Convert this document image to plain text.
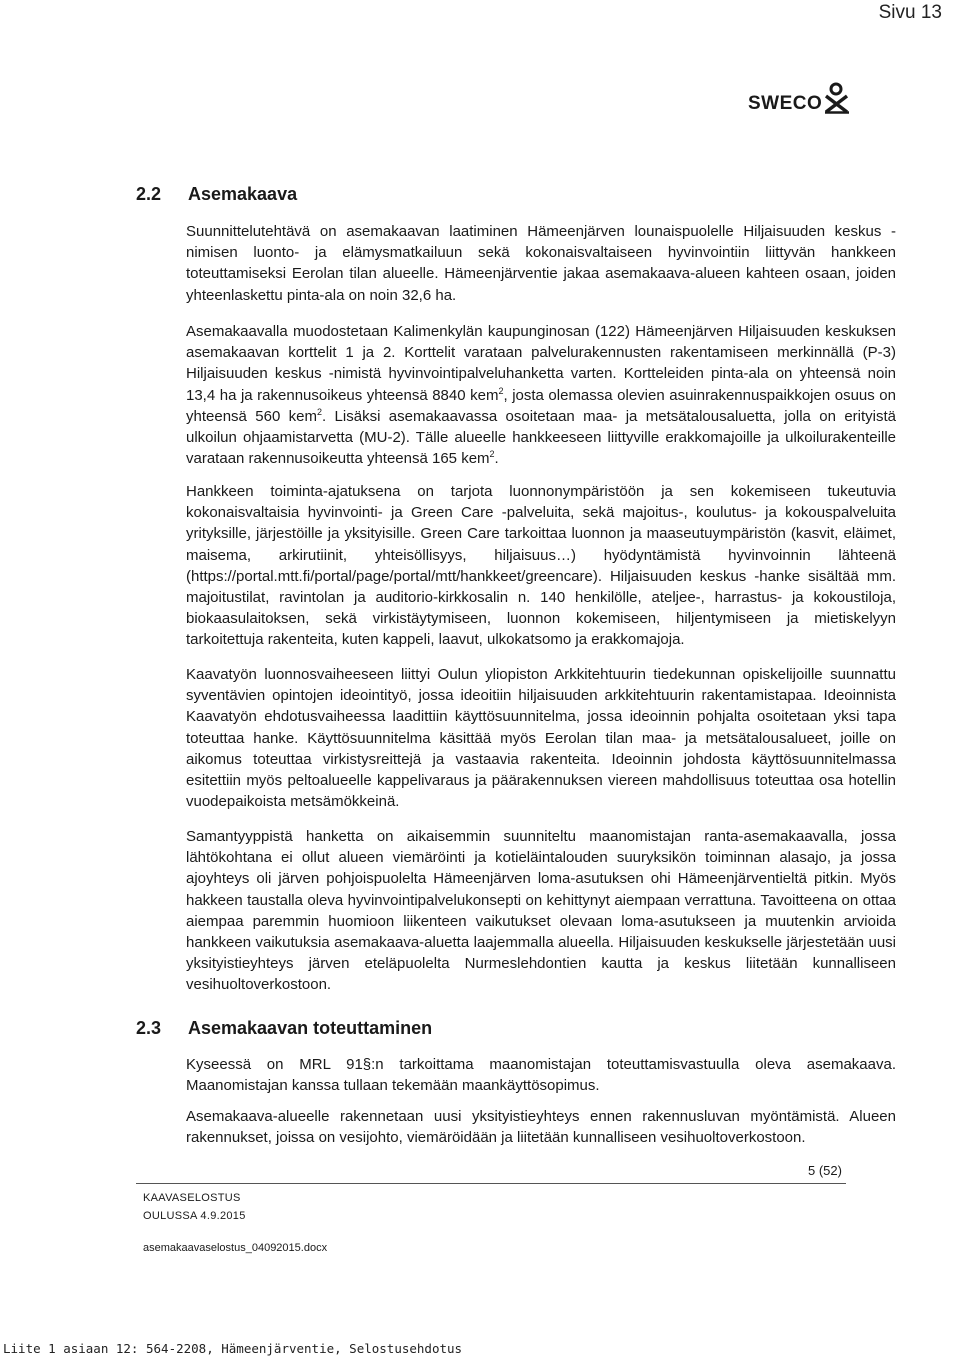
Sivu 13
SWECO
2.2 Asemakaava

Suunnittelutehtävä on asemakaavan laatiminen Hämeenjärven lounaispuolelle Hiljaisuuden keskus -nimisen luonto- ja elämysmatkailuun sekä kokonaisvaltaiseen hyvinvointiin liittyvän hankkeen toteuttamiseksi Eerolan tilan alueelle. Hämeenjärventie jakaa asemakaava-alueen kahteen osaan, joiden yhteenlaskettu pinta-ala on noin 32,6 ha.

Asemakaavalla muodostetaan Kalimenkylän kaupunginosan (122) Hämeenjärven Hiljaisuuden keskuksen asemakaavan korttelit 1 ja 2. Korttelit varataan palvelurakennusten rakentamiseen merkinnällä (P-3) Hiljaisuuden keskus -nimistä hyvinvointipalveluhanketta varten. Kortteleiden pinta-ala on yhteensä noin 13,4 ha ja rakennusoikeus yhteensä 8840 kem$^2$, josta olemassa olevien asuinrakennuspaikkojen osuus on yhteensä 560 kem$^2$. Lisäksi asemakaavassa osoitetaan maa- ja metsätalousaluetta, jolla on erityistä ulkoilun ohjaamistarvetta (MU-2). Tälle alueelle hankkeeseen liittyville erakkomajoille ja ulkoilurakenteille varataan rakennusoikeutta yhteensä 165 kem$^2$.

Hankkeen toiminta-ajatuksena on tarjota luonnonympäristöön ja sen kokemiseen tukeutuvia kokonaisvaltaisia hyvinvointi- ja Green Care -palveluita, sekä majoitus-, koulutus- ja kokouspalveluita yrityksille, järjestöille ja yksityisille. Green Care tarkoittaa luonnon ja maaseutuympäristön (kasvit, eläimet, maisema, arkirutiinit, yhteisöllisyys, hiljaisuus…) hyödyntämistä hyvinvoinnin lähteenä (https://portal.mtt.fi/portal/page/portal/mtt/hankkeet/greencare). Hiljaisuuden keskus -hanke sisältää mm. majoitustilat, ravintolan ja auditorio-kirkkosalin n. 140 henkilölle, ateljee-, harrastus- ja kokoustiloja, biokaasulaitoksen, sekä virkistäytymiseen, luonnon kokemiseen, hiljentymiseen ja mietiskelyyn tarkoitettuja rakenteita, kuten kappeli, laavut, ulkokatsomo ja erakkomajoja.

Kaavatyön luonnosvaiheeseen liittyi Oulun yliopiston Arkkitehtuurin tiedekunnan opiskelijoille suunnattu syventävien opintojen ideointityö, jossa ideoitiin hiljaisuuden arkkitehtuurin rakentamistapaa. Ideoinnista Kaavatyön ehdotusvaiheessa laadittiin käyttösuunnitelma, jossa ideoinnin pohjalta osoitetaan yksi tapa toteuttaa hanke. Käyttösuunnitelma käsittää myös Eerolan tilan maa- ja metsätalousalueet, joille on aikomus toteuttaa virkistysreittejä ja vastaavia rakenteita. Ideoinnin johdosta käyttösuunnitelmassa esitettiin myös peltoalueelle kappelivaraus ja päärakennuksen viereen mahdollisuus toteuttaa osa hotellin vuodepaikoista metsämökkeinä.

Samantyyppistä hanketta on aikaisemmin suunniteltu maanomistajan ranta-asemakaavalla, jossa lähtökohtana ei ollut alueen viemäröinti ja kotieläintalouden suuryksikön toiminnan alasajo, ja jossa ajoyhteys oli järven pohjoispuolelta Hämeenjärven loma-asutuksen ohi Hämeenjärventieltä pitkin. Myös hakkeen taustalla oleva hyvinvointipalvelukonsepti on kehittynyt aiempaan verrattuna. Tavoitteena on ottaa aiempaa paremmin huomioon liikenteen vaikutukset olevaan loma-asutukseen ja muutenkin arvioida hankkeen vaikutuksia asemakaava-aluetta laajemmalla alueella. Hiljaisuuden keskukselle järjestetään uusi yksityistieyhteys järven eteläpuolelta Nurmeslehdontien kautta ja keskus liitetään kunnalliseen vesihuoltoverkostoon.

2.3 Asemakaavan toteuttaminen

Kyseessä on MRL 91§:n tarkoittama maanomistajan toteuttamisvastuulla oleva asemakaava. Maanomistajan kanssa tullaan tekemään maankäyttösopimus.

Asemakaava-alueelle rakennetaan uusi yksityistieyhteys ennen rakennusluvan myöntämistä. Alueen rakennukset, joissa on vesijohto, viemäröidään ja liitetään kunnalliseen vesihuoltoverkostoon.

5 (52)
KAAVASELOSTUS
OULUSSA 4.9.2015
asemakaavaselostus_04092015.docx
Liite 1 asiaan 12: 564-2208, Hämeenjärventie, Selostusehdotus
